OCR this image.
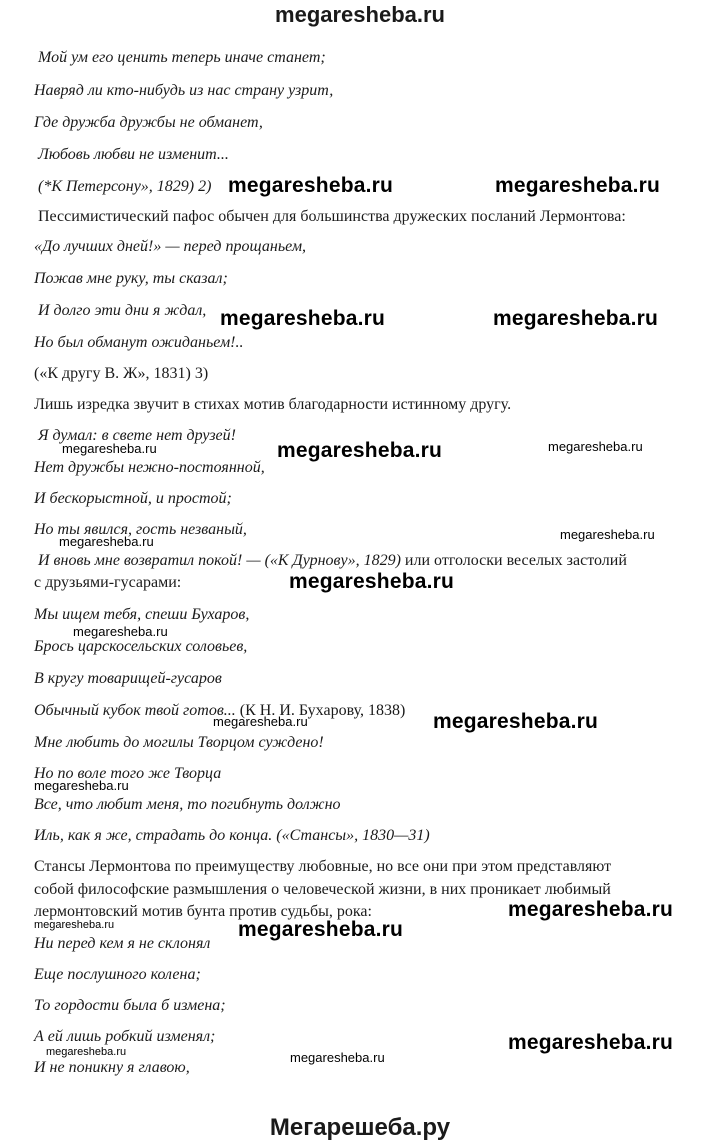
megaresheba.ru
Мой ум его ценить теперь иначе станет;
Навряд ли кто-нибудь из нас страну узрит,
Где дружба дружбы не обманет,
Любовь любви не изменит...
(*К Петерсону», 1829) 2)
Пессимистический пафос обычен для большинства дружеских посланий Лермонтова:
«До лучших дней!» — перед прощаньем,
Пожав мне руку, ты сказал;
И долго эти дни я ждал,
Но был обманут ожиданьем!..
(«К другу В. Ж», 1831) 3)
Лишь изредка звучит в стихах мотив благодарности истинному другу.
Я думал: в свете нет друзей!
Нет дружбы нежно-постоянной,
И бескорыстной, и простой;
Но ты явился, гость незваный,
И вновь мне возвратил покой! — («К Дурнову», 1829) или отголоски веселых застолий
с друзьями-гусарами:
Мы ищем тебя, спеши Бухаров,
Брось царскосельских соловьев,
В кругу товарищей-гусаров
Обычный кубок твой готов... (К Н. И. Бухарову, 1838)
Мне любить до могилы Творцом суждено!
Но по воле того же Творца
Все, что любит меня, то погибнуть должно
Иль, как я же, страдать до конца. («Стансы», 1830—31)
Стансы Лермонтова по преимуществу любовные, но все они при этом представляют
собой философские размышления о человеческой жизни, в них проникает любимый
лермонтовский мотив бунта против судьбы, рока:
Ни перед кем я не склонял
Еще послушного колена;
То гордости была б измена;
А ей лишь робкий изменял;
И не поникну я главою,
megaresheba.ru	megaresheba.ru
megaresheba.ru	megaresheba.ru
megaresheba.ru	megaresheba.ru
megaresheba.ru
megaresheba.ru
megaresheba.ru
megaresheba.ru
megaresheba.ru
megaresheba.ru	megaresheba.ru
megaresheba.ru
megaresheba.ru
megaresheba.ru	megaresheba.ru
megaresheba.ru
megaresheba.ru	megaresheba.ru
Мегарешеба.ру
